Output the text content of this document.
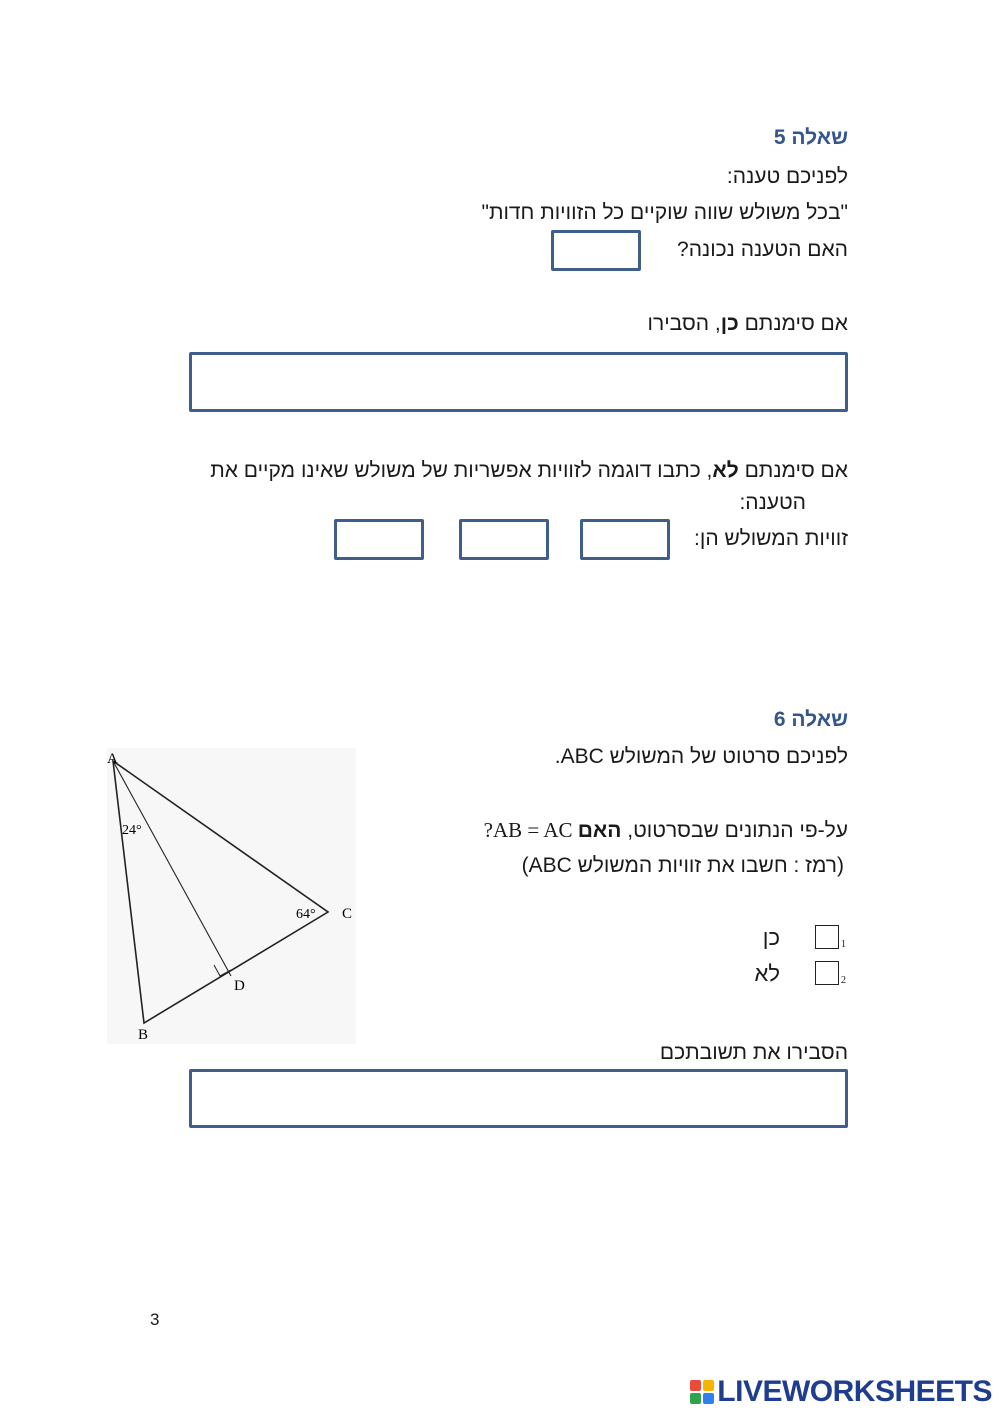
שאלה 5
לפניכם טענה:
"בכל משולש שווה שוקיים כל הזוויות חדות"
האם הטענה נכונה?
אם סימנתם כן, הסבירו
אם סימנתם לא, כתבו דוגמה לזוויות אפשריות של משולש שאינו מקיים את
הטענה:
זוויות המשולש הן:
שאלה 6
לפניכם סרטוט של המשולש ABC.
על-פי הנתונים שבסרטוט, האם AB = AC?
(רמז : חשבו את זוויות המשולש ABC)
1
כן
2
לא
הסבירו את תשובתכם
A
B
C
D
24°
64°
3
LIVEWORKSHEETS
